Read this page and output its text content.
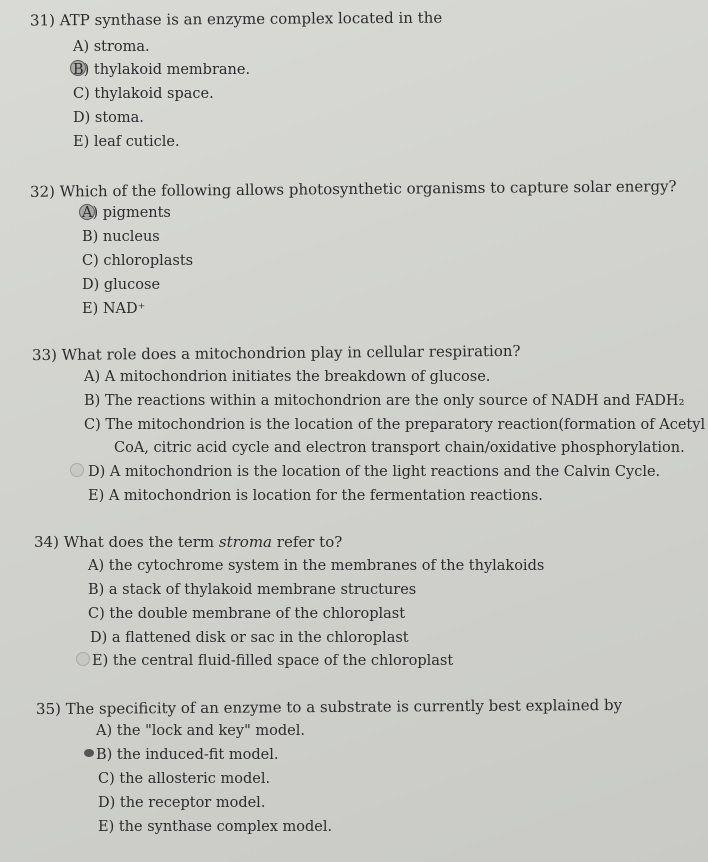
31) ATP synthase is an enzyme complex located in the
A) stroma.
B) thylakoid membrane.
C) thylakoid space.
D) stoma.
E) leaf cuticle.
32) Which of the following allows photosynthetic organisms to capture solar energy?
A) pigments
B) nucleus
C) chloroplasts
D) glucose
E) NAD⁺
33) What role does a mitochondrion play in cellular respiration?
A) A mitochondrion initiates the breakdown of glucose.
B) The reactions within a mitochondrion are the only source of NADH and FADH₂
C) The mitochondrion is the location of the preparatory reaction(formation of Acetyl
CoA, citric acid cycle and electron transport chain/oxidative phosphorylation.
D) A mitochondrion is the location of the light reactions and the Calvin Cycle.
E) A mitochondrion is location for the fermentation reactions.
34) What does the term stroma refer to?
A) the cytochrome system in the membranes of the thylakoids
B) a stack of thylakoid membrane structures
C) the double membrane of the chloroplast
D) a flattened disk or sac in the chloroplast
E) the central fluid-filled space of the chloroplast
35) The specificity of an enzyme to a substrate is currently best explained by
A) the "lock and key" model.
B) the induced-fit model.
C) the allosteric model.
D) the receptor model.
E) the synthase complex model.
